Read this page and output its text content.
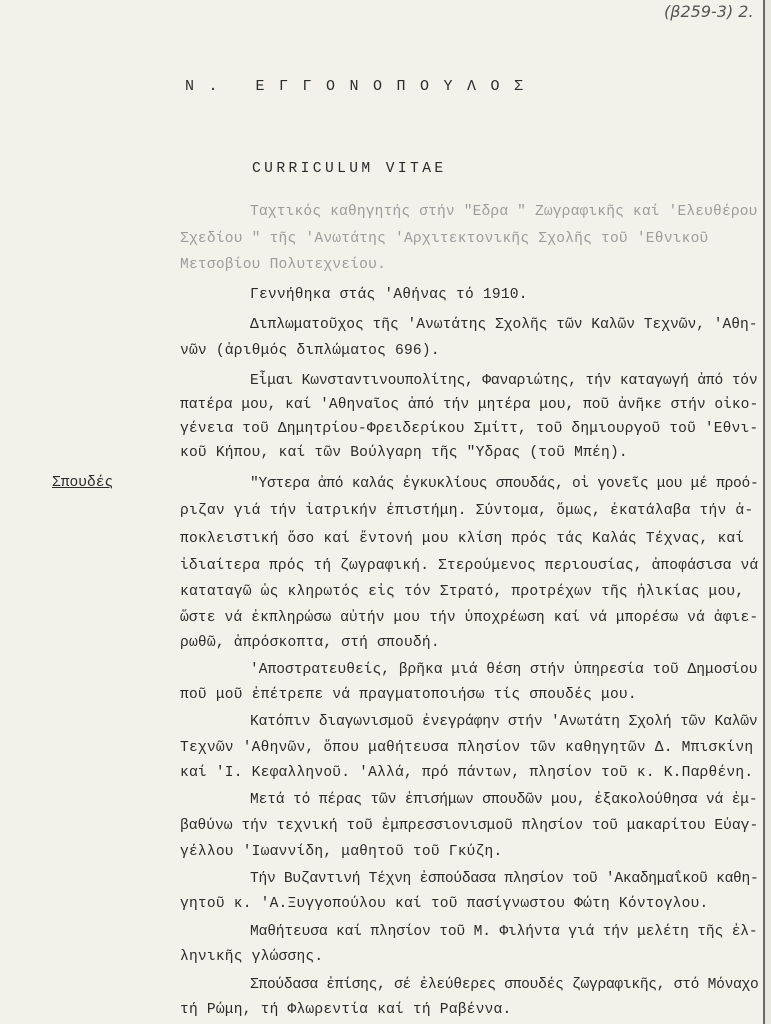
(β259-3) 2.
Ν. ΕΓΓΟΝΟΠΟΥΛΟΣ
CURRICULUM VITAE
Ταχτικός καθηγητής στήν "Εδρα " Ζωγραφικῆς καί 'Ελευθέρου
Σχεδίου " τῆς 'Ανωτάτης 'Αρχιτεκτονικῆς Σχολῆς τοῦ 'Εθνικοῦ
Μετσοβίου Πολυτεχνείου.
Γεννήθηκα στάς 'Αθήνας τό 1910.
Διπλωματοῦχος τῆς 'Ανωτάτης Σχολῆς τῶν Καλῶν Τεχνῶν, 'Αθη-
νῶν (ἀριθμός διπλώματος 696).
Εἶμαι Κωνσταντινουπολίτης, Φαναριώτης, τήν καταγωγή ἀπό τόν
πατέρα μου, καί 'Αθηναῖος ἀπό τήν μητέρα μου, ποῦ ἀνῆκε στήν οἰκο-
γένεια τοῦ Δημητρίου-Φρειδερίκου Σμίττ, τοῦ δημιουργοῦ τοῦ 'Εθνι-
κοῦ Κήπου, καί τῶν Βούλγαρη τῆς "Υδρας (τοῦ Μπέη).
Σπουδές	"Υστερα ἀπό καλάς ἐγκυκλίους σπουδάς, οἱ γονεῖς μου μέ προό-
ριζαν γιά τήν ἰατρικήν ἐπιστήμη. Σύντομα, ὅμως, ἐκατάλαβα τήν ἀ-
ποκλειστική ὅσο καί ἔντονή μου κλίση πρός τάς Καλάς Τέχνας, καί
ἰδιαίτερα πρός τή ζωγραφική. Στερούμενος περιουσίας, ἀποφάσισα νά
καταταγῶ ὡς κληρωτός εἰς τόν Στρατό, προτρέχων τῆς ἡλικίας μου,
ὥστε νά ἐκπληρώσω αὐτήν μου τήν ὑποχρέωση καί νά μπορέσω νά ἀφιε-
ρωθῶ, ἀπρόσκοπτα, στή σπουδή.
'Αποστρατευθείς, βρῆκα μιά θέση στήν ὑπηρεσία τοῦ Δημοσίου
ποῦ μοῦ ἐπέτρεπε νά πραγματοποιήσω τίς σπουδές μου.
Κατόπιν διαγωνισμοῦ ἐνεγράφην στήν 'Ανωτάτη Σχολή τῶν Καλῶν
Τεχνῶν 'Αθηνῶν, ὅπου μαθήτευσα πλησίον τῶν καθηγητῶν Δ. Μπισκίνη
καί 'Ι. Κεφαλληνοῦ. 'Αλλά, πρό πάντων, πλησίον τοῦ κ. Κ.Παρθένη.
Μετά τό πέρας τῶν ἐπισήμων σπουδῶν μου, ἐξακολούθησα νά ἐμ-
βαθύνω τήν τεχνική τοῦ ἐμπρεσσιονισμοῦ πλησίον τοῦ μακαρίτου Εὐαγ-
γέλλου 'Ιωαννίδη, μαθητοῦ τοῦ Γκύζη.
Τήν Βυζαντινή Τέχνη ἐσπούδασα πλησίον τοῦ 'Ακαδημαΐκοῦ καθη-
γητοῦ κ. 'Α.Ξυγγοπούλου καί τοῦ πασίγνωστου Φώτη Κόντογλου.
Μαθήτευσα καί πλησίον τοῦ Μ. Φιλήντα γιά τήν μελέτη τῆς ἐλ-
ληνικῆς γλώσσης.
Σπούδασα ἐπίσης, σέ ἐλεύθερες σπουδές ζωγραφικῆς, στό Μόναχο
τή Ρώμη, τή Φλωρεντία καί τή Ραβέννα.
